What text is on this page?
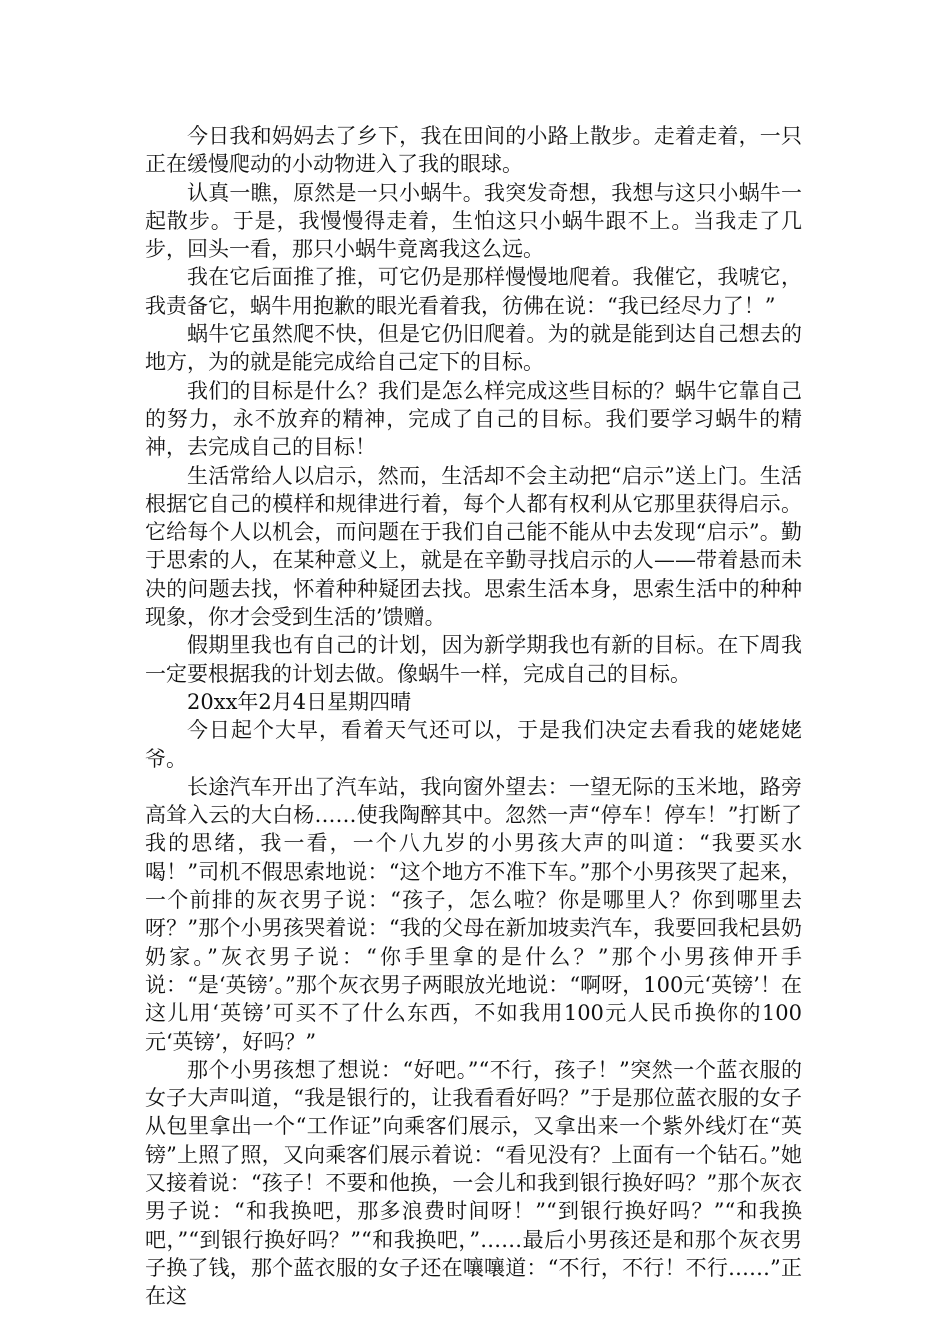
今日我和妈妈去了乡下，我在田间的小路上散步。走着走着，一只正在缓慢爬动的小动物进入了我的眼球。

认真一瞧，原然是一只小蜗牛。我突发奇想，我想与这只小蜗牛一起散步。于是，我慢慢得走着，生怕这只小蜗牛跟不上。当我走了几步，回头一看，那只小蜗牛竟离我这么远。

我在它后面推了推，可它仍是那样慢慢地爬着。我催它，我唬它，我责备它，蜗牛用抱歉的眼光看着我，彷佛在说：“我已经尽力了！”

蜗牛它虽然爬不快，但是它仍旧爬着。为的就是能到达自己想去的地方，为的就是能完成给自己定下的目标。

我们的目标是什么？我们是怎么样完成这些目标的？蜗牛它靠自己的努力，永不放弃的精神，完成了自己的目标。我们要学习蜗牛的精神，去完成自己的目标！

生活常给人以启示，然而，生活却不会主动把“启示”送上门。生活根据它自己的模样和规律进行着，每个人都有权利从它那里获得启示。它给每个人以机会，而问题在于我们自己能不能从中去发现“启示”。勤于思索的人，在某种意义上，就是在辛勤寻找启示的人——带着悬而未决的问题去找，怀着种种疑团去找。思索生活本身，思索生活中的种种现象，你才会受到生活的’馈赠。

假期里我也有自己的计划，因为新学期我也有新的目标。在下周我一定要根据我的计划去做。像蜗牛一样，完成自己的目标。

20xx年2月4日星期四晴

今日起个大早，看着天气还可以，于是我们决定去看我的姥姥姥爷。

长途汽车开出了汽车站，我向窗外望去：一望无际的玉米地，路旁高耸入云的大白杨……使我陶醉其中。忽然一声“停车！停车！”打断了我的思绪，我一看，一个八九岁的小男孩大声的叫道：“我要买水喝！”司机不假思索地说：“这个地方不准下车。”那个小男孩哭了起来，一个前排的灰衣男子说：“孩子，怎么啦？你是哪里人？你到哪里去呀？”那个小男孩哭着说：“我的父母在新加坡卖汽车，我要回我杞县奶奶家。”灰衣男子说：“你手里拿的是什么？”那个小男孩伸开手说：“是‘英镑’。”那个灰衣男子两眼放光地说：“啊呀，100元‘英镑’！在这儿用‘英镑’可买不了什么东西，不如我用100元人民币换你的100元‘英镑’，好吗？”

那个小男孩想了想说：“好吧。”“不行，孩子！”突然一个蓝衣服的女子大声叫道，“我是银行的，让我看看好吗？”于是那位蓝衣服的女子从包里拿出一个“工作证”向乘客们展示，又拿出来一个紫外线灯在“英镑”上照了照，又向乘客们展示着说：“看见没有？上面有一个钻石。”她又接着说：“孩子！不要和他换，一会儿和我到银行换好吗？”那个灰衣男子说：“和我换吧，那多浪费时间呀！”“到银行换好吗？”“和我换吧，”“到银行换好吗？”“和我换吧，”……最后小男孩还是和那个灰衣男子换了钱，那个蓝衣服的女子还在嚷嚷道：“不行，不行！不行……”正在这
